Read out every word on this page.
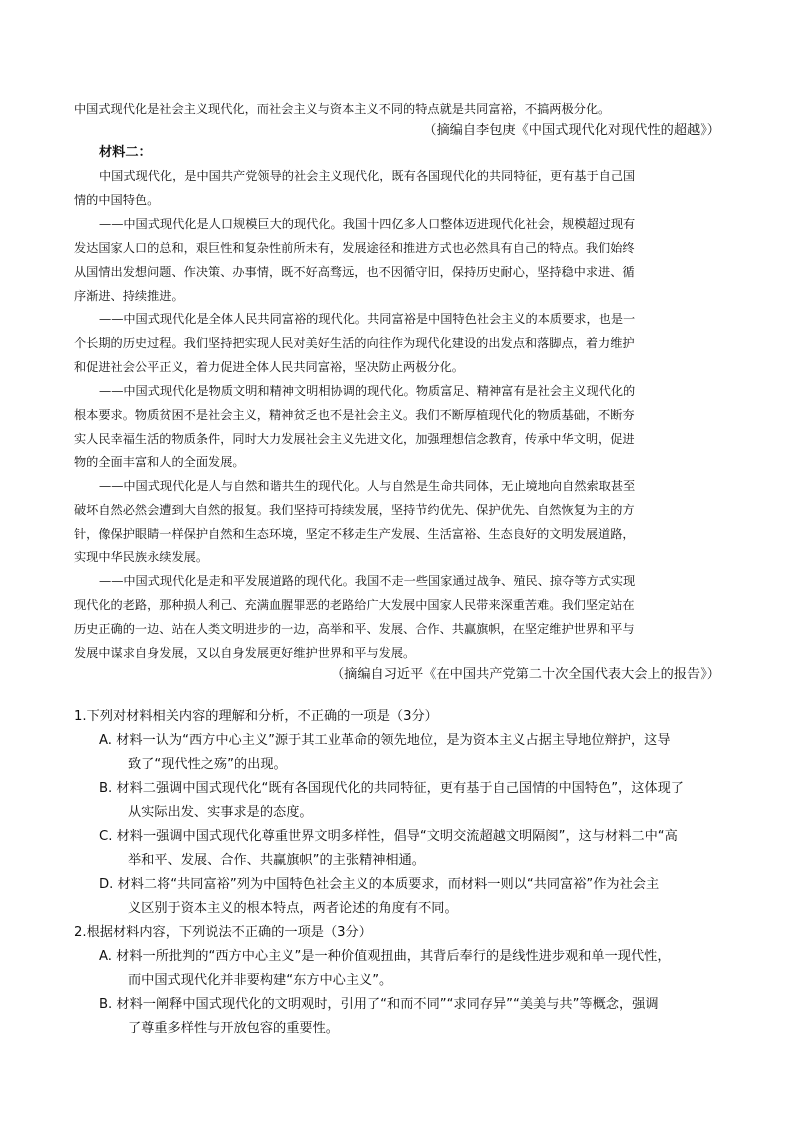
中国式现代化是社会主义现代化，而社会主义与资本主义不同的特点就是共同富裕，不搞两极分化。

（摘编自李包庚《中国式现代化对现代性的超越》）

材料二：

中国式现代化，是中国共产党领导的社会主义现代化，既有各国现代化的共同特征，更有基于自己国

情的中国特色。

——中国式现代化是人口规模巨大的现代化。我国十四亿多人口整体迈进现代化社会，规模超过现有

发达国家人口的总和，艰巨性和复杂性前所未有，发展途径和推进方式也必然具有自己的特点。我们始终

从国情出发想问题、作决策、办事情，既不好高骛远，也不因循守旧，保持历史耐心，坚持稳中求进、循

序渐进、持续推进。

——中国式现代化是全体人民共同富裕的现代化。共同富裕是中国特色社会主义的本质要求，也是一

个长期的历史过程。我们坚持把实现人民对美好生活的向往作为现代化建设的出发点和落脚点，着力维护

和促进社会公平正义，着力促进全体人民共同富裕，坚决防止两极分化。

——中国式现代化是物质文明和精神文明相协调的现代化。物质富足、精神富有是社会主义现代化的

根本要求。物质贫困不是社会主义，精神贫乏也不是社会主义。我们不断厚植现代化的物质基础，不断夯

实人民幸福生活的物质条件，同时大力发展社会主义先进文化，加强理想信念教育，传承中华文明，促进

物的全面丰富和人的全面发展。

——中国式现代化是人与自然和谐共生的现代化。人与自然是生命共同体，无止境地向自然索取甚至

破坏自然必然会遭到大自然的报复。我们坚持可持续发展，坚持节约优先、保护优先、自然恢复为主的方

针，像保护眼睛一样保护自然和生态环境，坚定不移走生产发展、生活富裕、生态良好的文明发展道路，

实现中华民族永续发展。

——中国式现代化是走和平发展道路的现代化。我国不走一些国家通过战争、殖民、掠夺等方式实现

现代化的老路，那种损人利己、充满血腥罪恶的老路给广大发展中国家人民带来深重苦难。我们坚定站在

历史正确的一边、站在人类文明进步的一边，高举和平、发展、合作、共赢旗帜，在坚定维护世界和平与

发展中谋求自身发展，又以自身发展更好维护世界和平与发展。

（摘编自习近平《在中国共产党第二十次全国代表大会上的报告》）

1.下列对材料相关内容的理解和分析，不正确的一项是（3分）

A. 材料一认为“西方中心主义”源于其工业革命的领先地位，是为资本主义占据主导地位辩护，这导

致了“现代性之殇”的出现。

B. 材料二强调中国式现代化“既有各国现代化的共同特征，更有基于自己国情的中国特色”，这体现了

从实际出发、实事求是的态度。

C. 材料一强调中国式现代化尊重世界文明多样性，倡导“文明交流超越文明隔阂”，这与材料二中“高

举和平、发展、合作、共赢旗帜”的主张精神相通。

D. 材料二将“共同富裕”列为中国特色社会主义的本质要求，而材料一则以“共同富裕”作为社会主

义区别于资本主义的根本特点，两者论述的角度有不同。

2.根据材料内容，下列说法不正确的一项是（3分）

A. 材料一所批判的“西方中心主义”是一种价值观扭曲，其背后奉行的是线性进步观和单一现代性，

而中国式现代化并非要构建“东方中心主义”。

B. 材料一阐释中国式现代化的文明观时，引用了“和而不同”“求同存异”“美美与共”等概念，强调

了尊重多样性与开放包容的重要性。
